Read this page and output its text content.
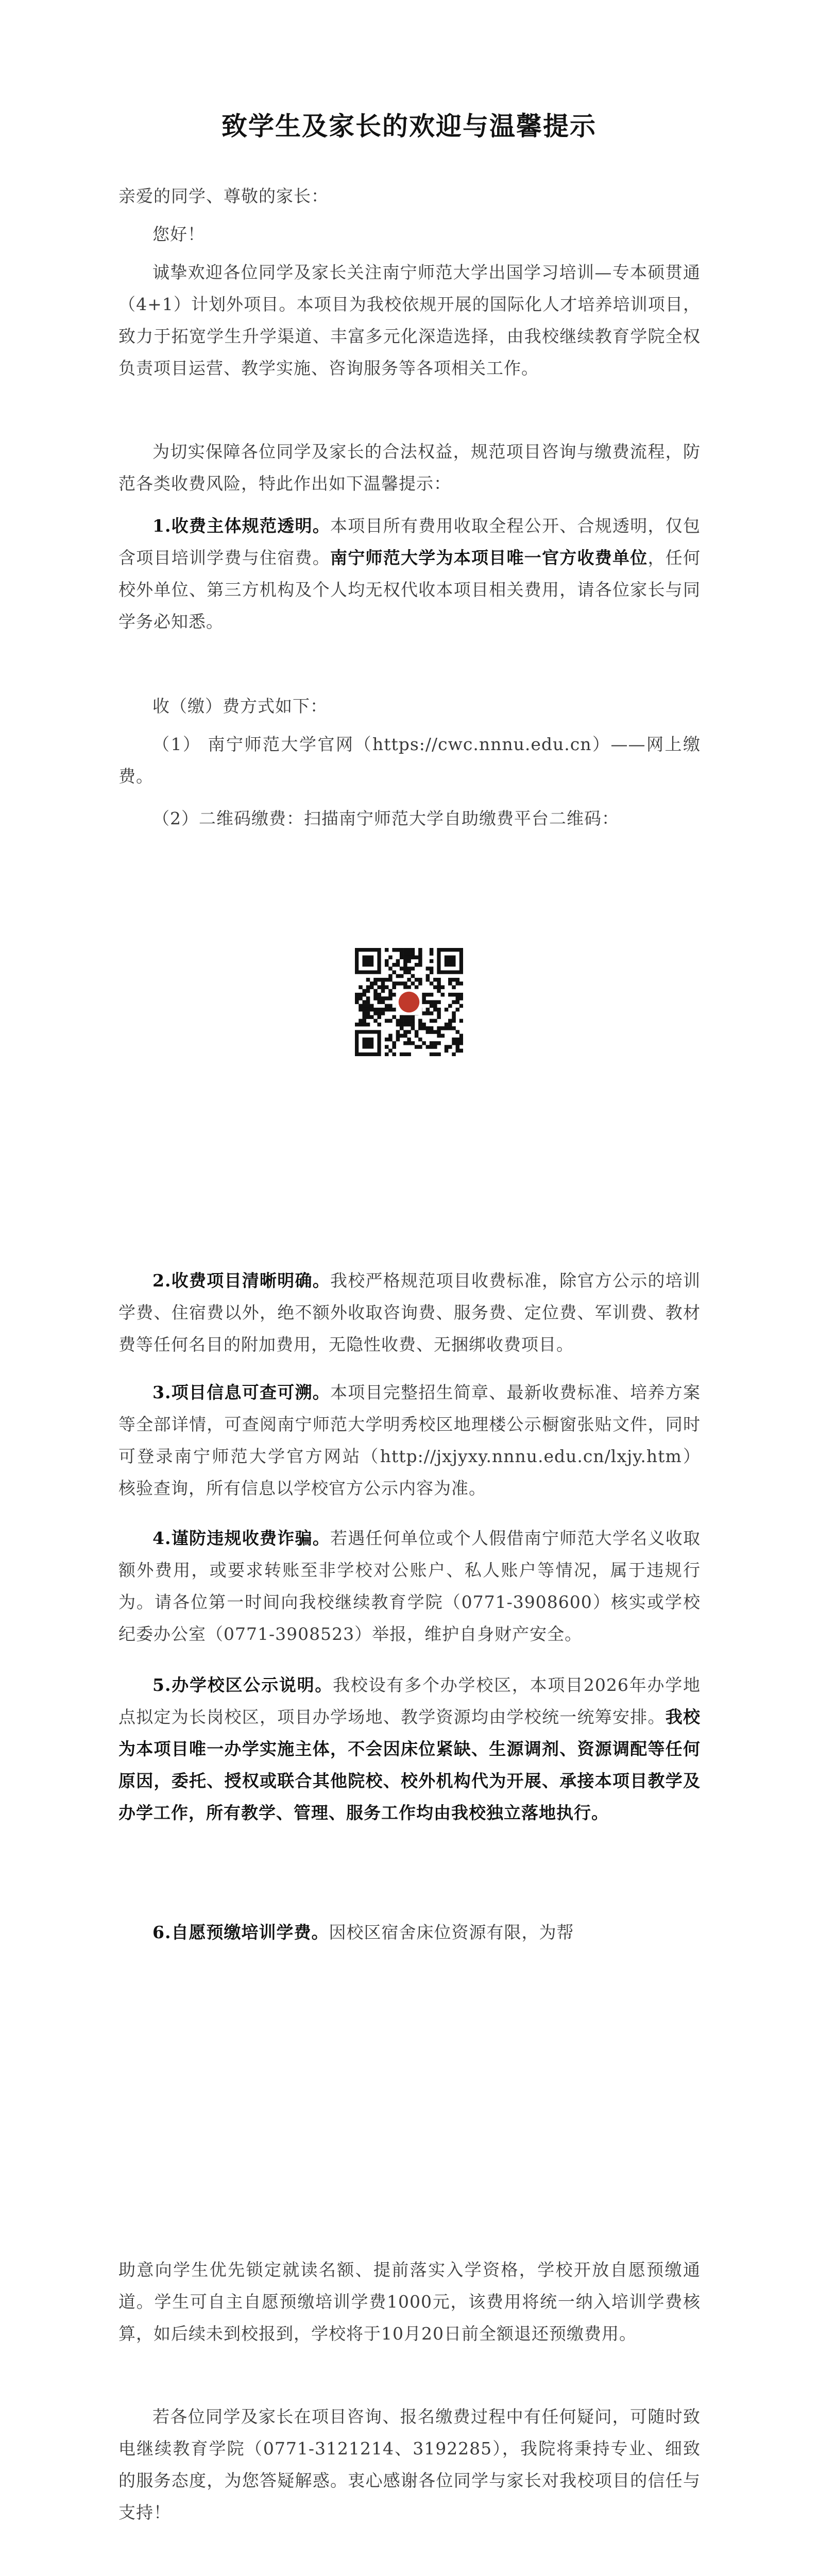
致学生及家长的欢迎与温馨提示

亲爱的同学、尊敬的家长：

您好！

诚挚欢迎各位同学及家长关注南宁师范大学出国学习培训—专本硕贯通（4+1）计划外项目。本项目为我校依规开展的国际化人才培养培训项目，致力于拓宽学生升学渠道、丰富多元化深造选择，由我校继续教育学院全权负责项目运营、教学实施、咨询服务等各项相关工作。

为切实保障各位同学及家长的合法权益，规范项目咨询与缴费流程，防范各类收费风险，特此作出如下温馨提示：

1.收费主体规范透明。本项目所有费用收取全程公开、合规透明，仅包含项目培训学费与住宿费。南宁师范大学为本项目唯一官方收费单位，任何校外单位、第三方机构及个人均无权代收本项目相关费用，请各位家长与同学务必知悉。

收（缴）费方式如下：

（1） 南宁师范大学官网（https://cwc.nnnu.edu.cn）——网上缴费。

（2）二维码缴费：扫描南宁师范大学自助缴费平台二维码：

2.收费项目清晰明确。我校严格规范项目收费标准，除官方公示的培训学费、住宿费以外，绝不额外收取咨询费、服务费、定位费、军训费、教材费等任何名目的附加费用，无隐性收费、无捆绑收费项目。

3.项目信息可查可溯。本项目完整招生简章、最新收费标准、培养方案等全部详情，可查阅南宁师范大学明秀校区地理楼公示橱窗张贴文件，同时可登录南宁师范大学官方网站（http://jxjyxy.nnnu.edu.cn/lxjy.htm）核验查询，所有信息以学校官方公示内容为准。

4.谨防违规收费诈骗。若遇任何单位或个人假借南宁师范大学名义收取额外费用，或要求转账至非学校对公账户、私人账户等情况，属于违规行为。请各位第一时间向我校继续教育学院（0771-3908600）核实或学校纪委办公室（0771-3908523）举报，维护自身财产安全。

5.办学校区公示说明。我校设有多个办学校区，本项目2026年办学地点拟定为长岗校区，项目办学场地、教学资源均由学校统一统筹安排。我校为本项目唯一办学实施主体，不会因床位紧缺、生源调剂、资源调配等任何原因，委托、授权或联合其他院校、校外机构代为开展、承接本项目教学及办学工作，所有教学、管理、服务工作均由我校独立落地执行。

6.自愿预缴培训学费。因校区宿舍床位资源有限，为帮

助意向学生优先锁定就读名额、提前落实入学资格，学校开放自愿预缴通道。学生可自主自愿预缴培训学费1000元，该费用将统一纳入培训学费核算，如后续未到校报到，学校将于10月20日前全额退还预缴费用。

若各位同学及家长在项目咨询、报名缴费过程中有任何疑问，可随时致电继续教育学院（0771-3121214、3192285），我院将秉持专业、细致的服务态度，为您答疑解惑。衷心感谢各位同学与家长对我校项目的信任与支持！
